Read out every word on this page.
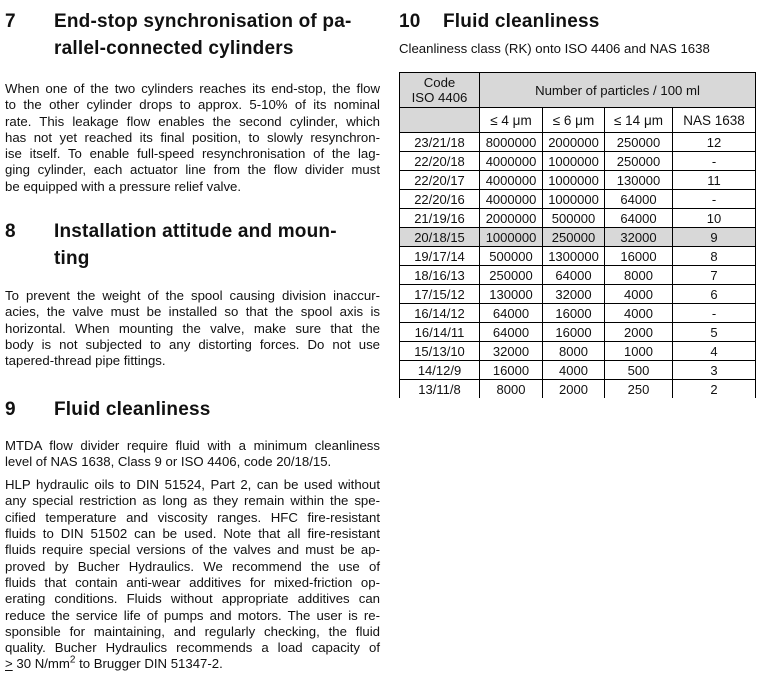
7	End-stop synchronisation of pa-
rallel-connected cylinders
When one of the two cylinders reaches its end-stop, the flow
to the other cylinder drops to approx. 5-10% of its nominal
rate. This leakage flow enables the second cylinder, which
has not yet reached its final position, to slowly resynchron-
ise itself. To enable full-speed resynchronisation of the lag-
ging cylinder, each actuator line from the flow divider must
be equipped with a pressure relief valve.
8	Installation attitude and moun-
ting
To prevent the weight of the spool causing division inaccur-
acies, the valve must be installed so that the spool axis is
horizontal. When mounting the valve, make sure that the
body is not subjected to any distorting forces. Do not use
tapered-thread pipe fittings.
9	Fluid cleanliness
MTDA flow divider require fluid with a minimum cleanliness
level of NAS 1638, Class 9 or ISO 4406, code 20/18/15.
HLP hydraulic oils to DIN 51524, Part 2, can be used without
any special restriction as long as they remain within the spe-
cified temperature and viscosity ranges. HFC fire-resistant
fluids to DIN 51502 can be used. Note that all fire-resistant
fluids require special versions of the valves and must be ap-
proved by Bucher Hydraulics. We recommend the use of
fluids that contain anti-wear additives for mixed-friction op-
erating conditions. Fluids without appropriate additives can
reduce the service life of pumps and motors. The user is re-
sponsible for maintaining, and regularly checking, the fluid
quality. Bucher Hydraulics recommends a load capacity of
≥ 30 $N/mm^2$ to Brugger DIN 51347-2.
10	Fluid cleanliness
Cleanliness class (RK) onto ISO 4406 and NAS 1638
Code
ISO 4406	Number of particles / 100 ml			
	≤ 4 μm	≤ 6 μm	≤ 14 μm	NAS 1638
23/21/18	8000000	2000000	250000	12
22/20/18	4000000	1000000	250000	-
22/20/17	4000000	1000000	130000	11
22/20/16	4000000	1000000	64000	-
21/19/16	2000000	500000	64000	10
20/18/15	1000000	250000	32000	9
19/17/14	500000	1300000	16000	8
18/16/13	250000	64000	8000	7
17/15/12	130000	32000	4000	6
16/14/12	64000	16000	4000	-
16/14/11	64000	16000	2000	5
15/13/10	32000	8000	1000	4
14/12/9	16000	4000	500	3
13/11/8	8000	2000	250	2
